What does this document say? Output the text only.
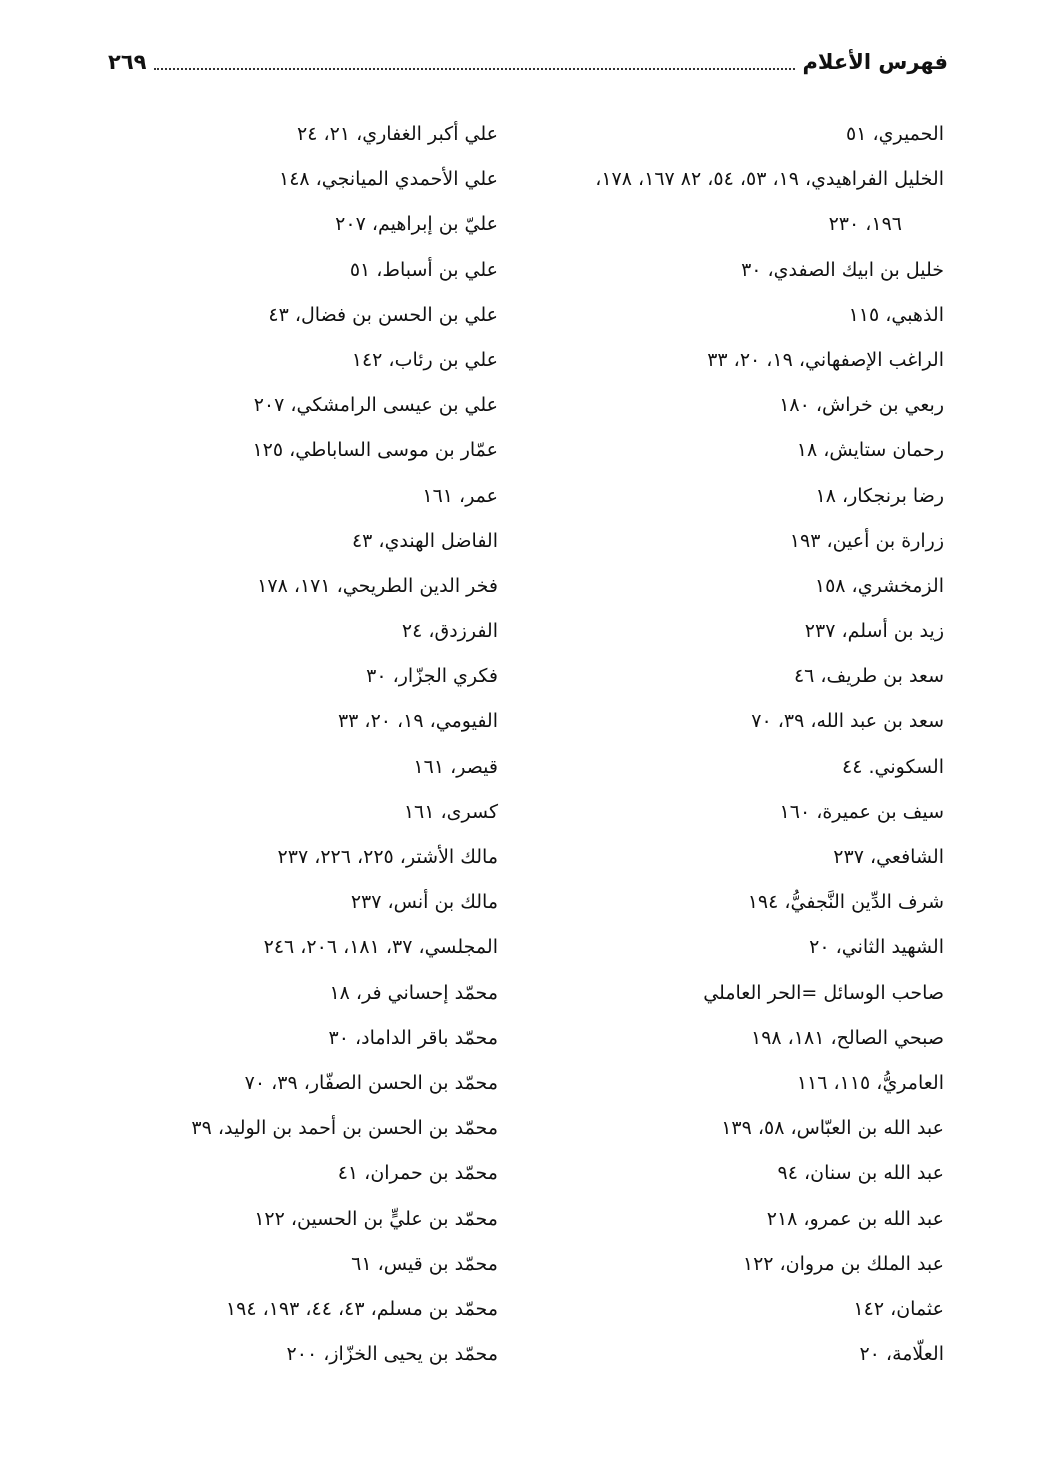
فهرس الأعلام
٢٦٩
الحميري، ٥١
الخليل الفراهيدي، ١٩، ٥٣، ٥٤، ٨٢ ١٦٧، ١٧٨،
١٩٦، ٢٣٠
خليل بن ابيك الصفدي، ٣٠
الذهبي، ١١٥
الراغب الإصفهاني، ١٩، ٢٠، ٣٣
ربعي بن خراش، ١٨٠
رحمان ستايش، ١٨
رضا برنجكار، ١٨
زرارة بن أعين، ١٩٣
الزمخشري، ١٥٨
زيد بن أسلم، ٢٣٧
سعد بن طريف، ٤٦
سعد بن عبد الله، ٣٩، ٧٠
السكوني. ٤٤
سيف بن عميرة، ١٦٠
الشافعي، ٢٣٧
شرف الدِّين النَّجفيُّ، ١٩٤
الشهيد الثاني، ٢٠
صاحب الوسائل =الحر العاملي
صبحي الصالح، ١٨١، ١٩٨
العامريُّ، ١١٥، ١١٦
عبد الله بن العبّاس، ٥٨، ١٣٩
عبد الله بن سنان، ٩٤
عبد الله بن عمرو، ٢١٨
عبد الملك بن مروان، ١٢٢
عثمان، ١٤٢
العلّامة، ٢٠
علي أكبر الغفاري، ٢١، ٢٤
علي الأحمدي الميانجي، ١٤٨
عليّ بن إبراهيم، ٢٠٧
علي بن أسباط، ٥١
علي بن الحسن بن فضال، ٤٣
علي بن رئاب، ١٤٢
علي بن عيسى الرامشكي، ٢٠٧
عمّار بن موسى الساباطي، ١٢٥
عمر، ١٦١
الفاضل الهندي، ٤٣
فخر الدين الطريحي، ١٧١، ١٧٨
الفرزدق، ٢٤
فكري الجزّار، ٣٠
الفيومي، ١٩، ٢٠، ٣٣
قيصر، ١٦١
كسرى، ١٦١
مالك الأشتر، ٢٢٥، ٢٢٦، ٢٣٧
مالك بن أنس، ٢٣٧
المجلسي، ٣٧، ١٨١، ٢٠٦، ٢٤٦
محمّد إحساني فر، ١٨
محمّد باقر الداماد، ٣٠
محمّد بن الحسن الصفّار، ٣٩، ٧٠
محمّد بن الحسن بن أحمد بن الوليد، ٣٩
محمّد بن حمران، ٤١
محمّد بن عليٍّ بن الحسين، ١٢٢
محمّد بن قيس، ٦١
محمّد بن مسلم، ٤٣، ٤٤، ١٩٣، ١٩٤
محمّد بن يحيى الخزّاز، ٢٠٠
